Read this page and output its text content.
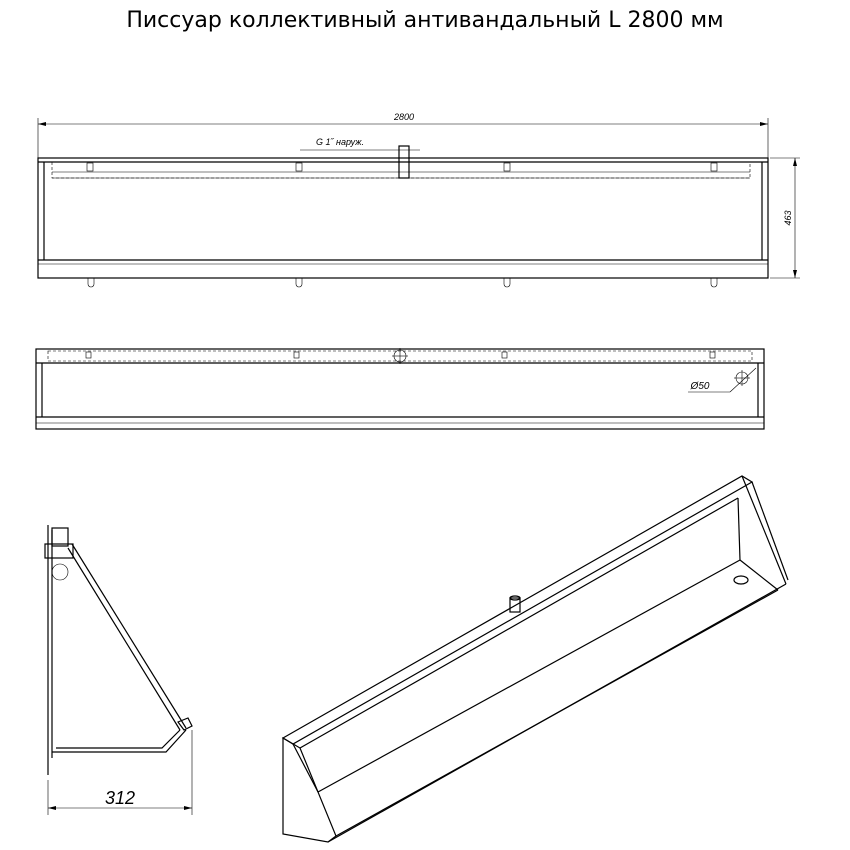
Писсуар коллективный антивандальный L 2800 мм
2800
G 1˝ наруж.
463
Ø50
312
